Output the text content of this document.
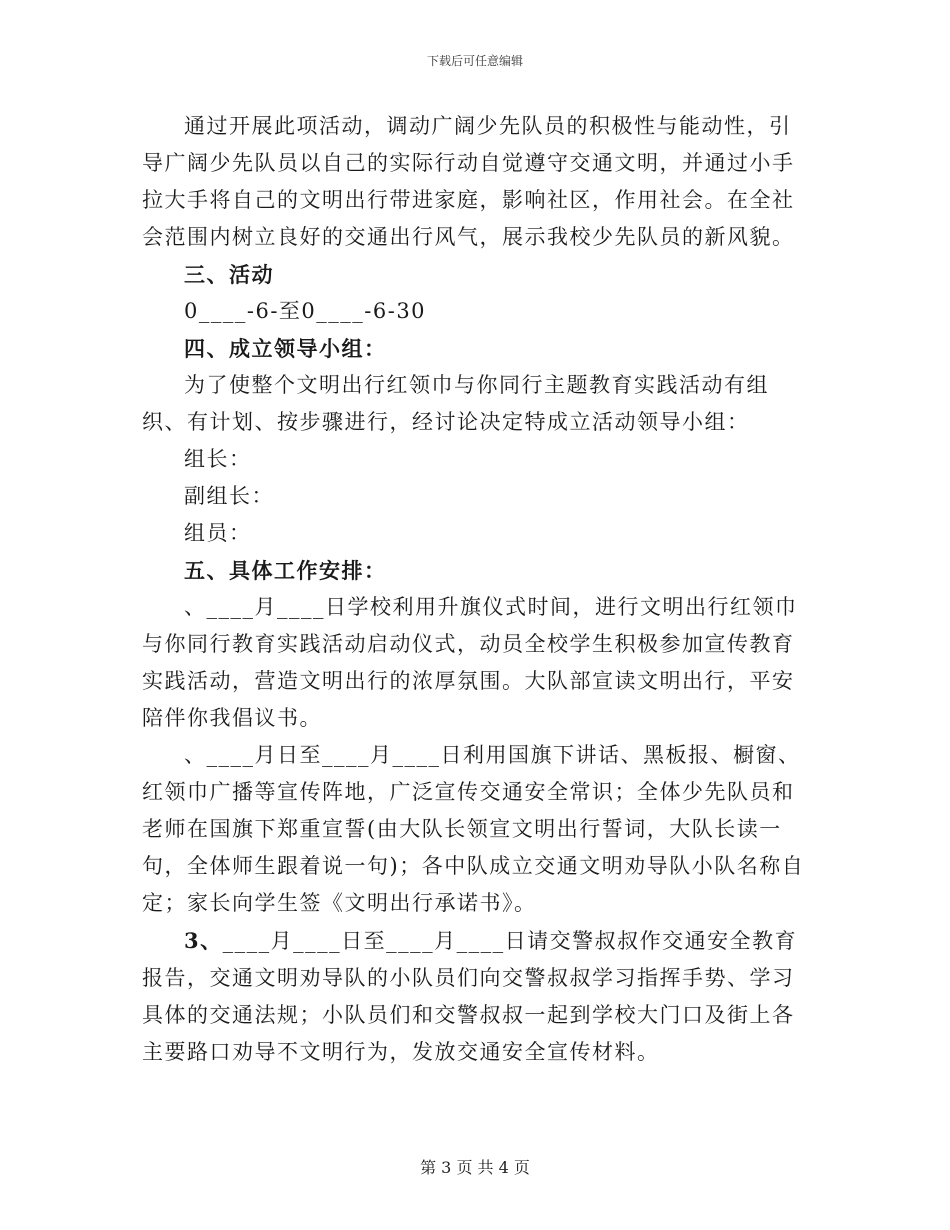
下载后可任意编辑

通过开展此项活动，调动广阔少先队员的积极性与能动性，引导广阔少先队员以自己的实际行动自觉遵守交通文明，并通过小手拉大手将自己的文明出行带进家庭，影响社区，作用社会。在全社会范围内树立良好的交通出行风气，展示我校少先队员的新风貌。

三、活动

0____-6-至0____-6-30

四、成立领导小组：

为了使整个文明出行红领巾与你同行主题教育实践活动有组织、有计划、按步骤进行，经讨论决定特成立活动领导小组：

组长：

副组长：

组员：

五、具体工作安排：

、____月____日学校利用升旗仪式时间，进行文明出行红领巾与你同行教育实践活动启动仪式，动员全校学生积极参加宣传教育实践活动，营造文明出行的浓厚氛围。大队部宣读文明出行，平安陪伴你我倡议书。

、____月日至____月____日利用国旗下讲话、黑板报、橱窗、红领巾广播等宣传阵地，广泛宣传交通安全常识；全体少先队员和老师在国旗下郑重宣誓(由大队长领宣文明出行誓词，大队长读一句，全体师生跟着说一句)；各中队成立交通文明劝导队小队名称自定；家长向学生签《文明出行承诺书》。

3、____月____日至____月____日请交警叔叔作交通安全教育报告，交通文明劝导队的小队员们向交警叔叔学习指挥手势、学习具体的交通法规；小队员们和交警叔叔一起到学校大门口及街上各主要路口劝导不文明行为，发放交通安全宣传材料。

第 3 页 共 4 页
